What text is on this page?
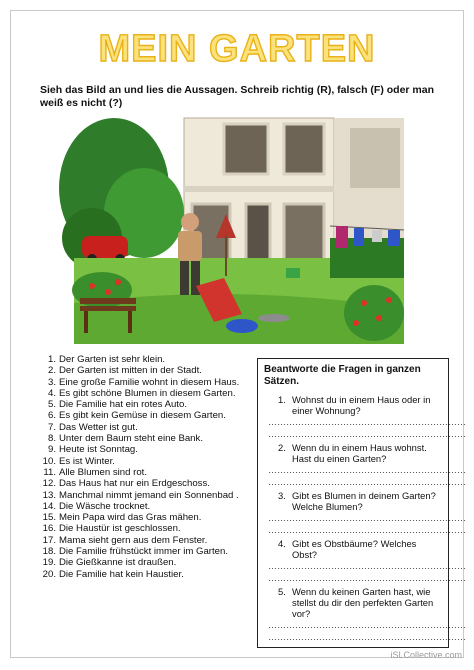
MEIN GARTEN
Sieh das Bild an und lies die Aussagen. Schreib richtig (R), falsch (F) oder man weiß es nicht (?)
1. Der Garten ist sehr klein.
2. Der Garten ist mitten in der Stadt.
3. Eine große Familie wohnt in diesem Haus.
4. Es gibt schöne Blumen in diesem Garten.
5. Die Familie hat ein rotes Auto.
6. Es gibt kein Gemüse in diesem Garten.
7. Das Wetter ist gut.
8. Unter dem Baum steht eine Bank.
9. Heute ist Sonntag.
10. Es ist Winter.
11. Alle Blumen sind rot.
12. Das Haus hat nur ein Erdgeschoss.
13. Manchmal nimmt jemand ein Sonnenbad .
14. Die Wäsche trocknet.
15. Mein Papa wird das Gras mähen.
16. Die Haustür ist geschlossen.
17. Mama sieht gern aus dem Fenster.
18. Die Familie frühstückt immer im Garten.
19. Die Gießkanne ist draußen.
20. Die Familie hat kein Haustier.
Beantworte die Fragen in ganzen Sätzen.
1. Wohnst du in einem Haus oder in einer Wohnung?
…………………………………………………………
…………………………………………………………
2. Wenn du in einem Haus wohnst. Hast du einen Garten?
…………………………………………………………
…………………………………………………………
3. Gibt es Blumen in deinem Garten? Welche Blumen?
…………………………………………………………
…………………………………………………………
4. Gibt es Obstbäume? Welches Obst?
…………………………………………………………
…………………………………………………………
5. Wenn du keinen Garten hast, wie stellst du dir den perfekten Garten vor?
…………………………………………………………
…………………………………………………………
iSLCollective.com
